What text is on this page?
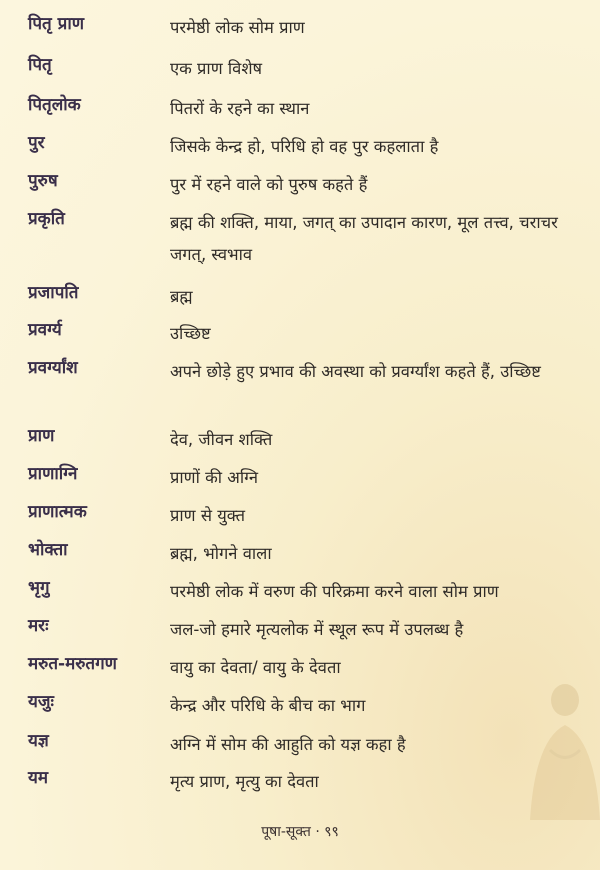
पितृ प्राण	परमेष्ठी लोक सोम प्राण
पितृ	एक प्राण विशेष
पितृलोक	पितरों के रहने का स्थान
पुर	जिसके केन्द्र हो, परिधि हो वह पुर कहलाता है
पुरुष	पुर में रहने वाले को पुरुष कहते हैं
प्रकृति	ब्रह्म की शक्ति, माया, जगत् का उपादान कारण, मूल तत्त्व, चराचर जगत्, स्वभाव
प्रजापति	ब्रह्म
प्रवर्ग्य	उच्छिष्ट
प्रवर्ग्यांश	अपने छोड़े हुए प्रभाव की अवस्था को प्रवर्ग्यांश कहते हैं, उच्छिष्ट
प्राण	देव, जीवन शक्ति
प्राणाग्नि	प्राणों की अग्नि
प्राणात्मक	प्राण से युक्त
भोक्ता	ब्रह्म, भोगने वाला
भृगु	परमेष्ठी लोक में वरुण की परिक्रमा करने वाला सोम प्राण
मरः	जल-जो हमारे मृत्यलोक में स्थूल रूप में उपलब्ध है
मरुत-मरुतगण	वायु का देवता/ वायु के देवता
यजुः	केन्द्र और परिधि के बीच का भाग
यज्ञ	अग्नि में सोम की आहुति को यज्ञ कहा है
यम	मृत्य प्राण, मृत्यु का देवता
पूषा-सूक्त · ९९
